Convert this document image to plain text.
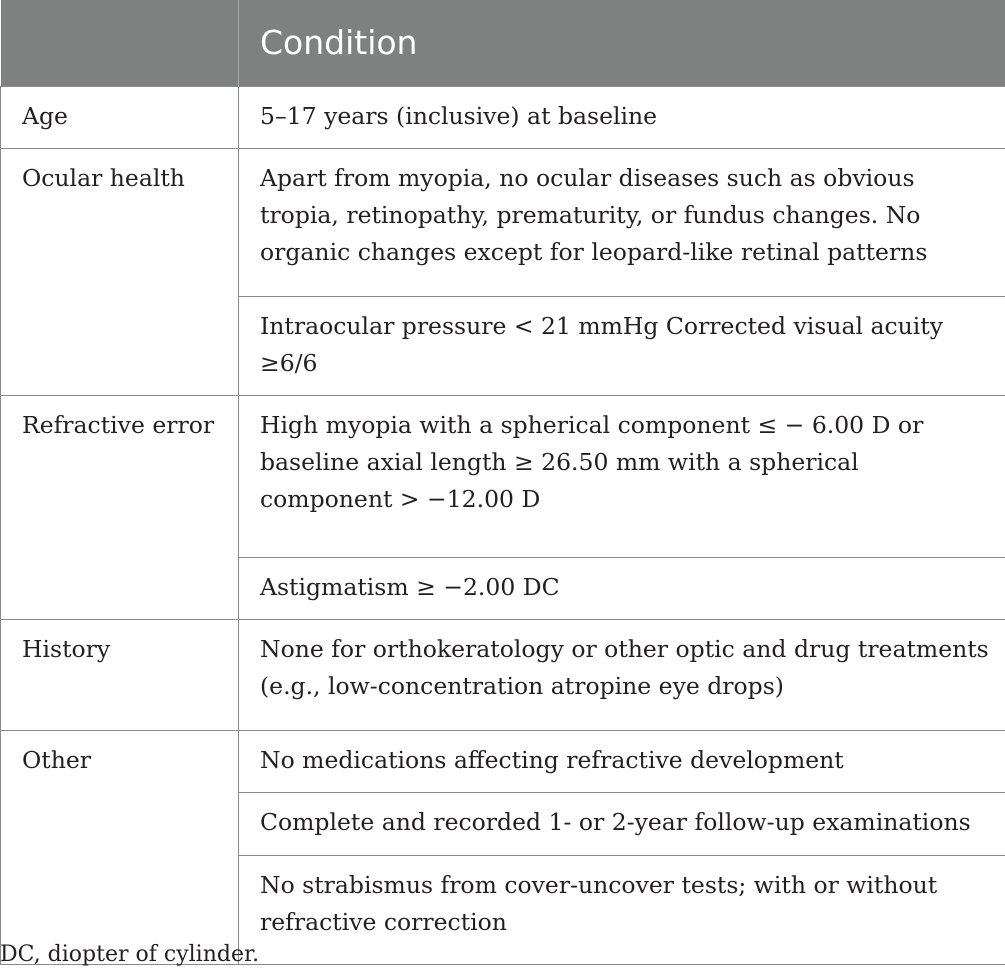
	Condition
Age	5–17 years (inclusive) at baseline
Ocular health	Apart from myopia, no ocular diseases such as obvious tropia, retinopathy, prematurity, or fundus changes. No organic changes except for leopard-like retinal patterns
	Intraocular pressure < 21 mmHg Corrected visual acuity ≥6/6
Refractive error	High myopia with a spherical component ≤ − 6.00 D or baseline axial length ≥ 26.50 mm with a spherical component > −12.00 D
	Astigmatism ≥ −2.00 DC
History	None for orthokeratology or other optic and drug treatments (e.g., low-concentration atropine eye drops)
Other	No medications affecting refractive development
	Complete and recorded 1- or 2-year follow-up examinations
	No strabismus from cover-uncover tests; with or without refractive correction
DC, diopter of cylinder.
